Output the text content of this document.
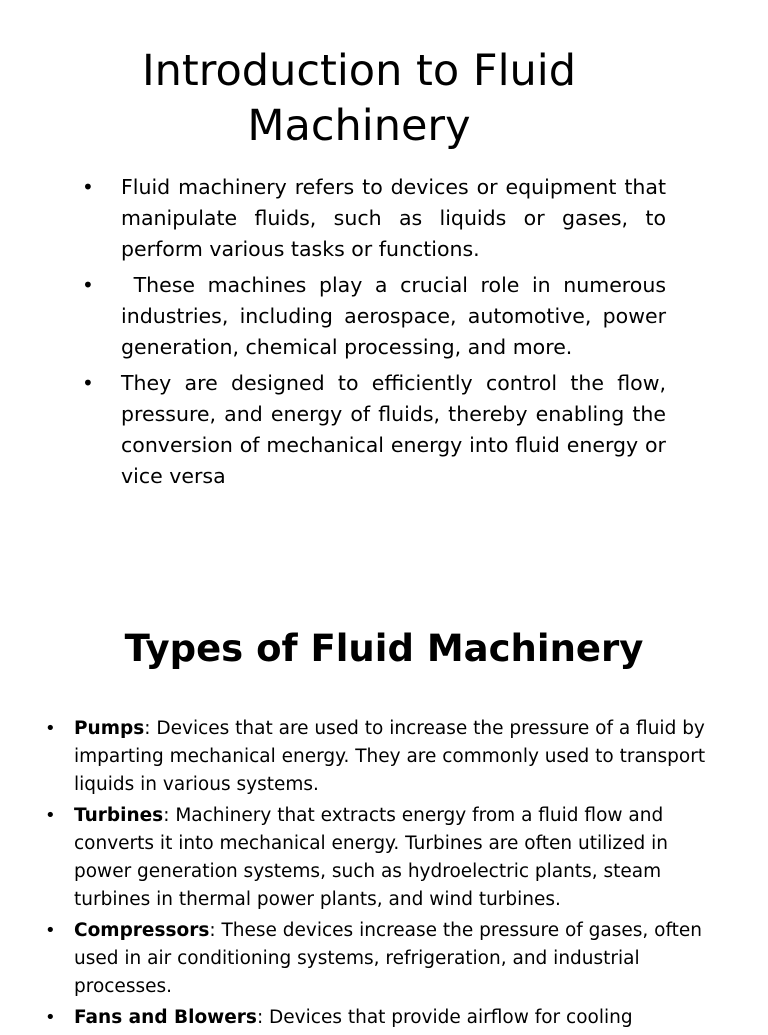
Introduction to Fluid
Machinery
• Fluid machinery refers to devices or equipment that manipulate fluids, such as liquids or gases, to perform various tasks or functions.
• These machines play a crucial role in numerous industries, including aerospace, automotive, power generation, chemical processing, and more.
• They are designed to efficiently control the flow, pressure, and energy of fluids, thereby enabling the conversion of mechanical energy into fluid energy or vice versa
Types of Fluid Machinery
• Pumps: Devices that are used to increase the pressure of a fluid by imparting mechanical energy. They are commonly used to transport liquids in various systems.
• Turbines: Machinery that extracts energy from a fluid flow and converts it into mechanical energy. Turbines are often utilized in power generation systems, such as hydroelectric plants, steam turbines in thermal power plants, and wind turbines.
• Compressors: These devices increase the pressure of gases, often used in air conditioning systems, refrigeration, and industrial processes.
• Fans and Blowers: Devices that provide airflow for cooling
